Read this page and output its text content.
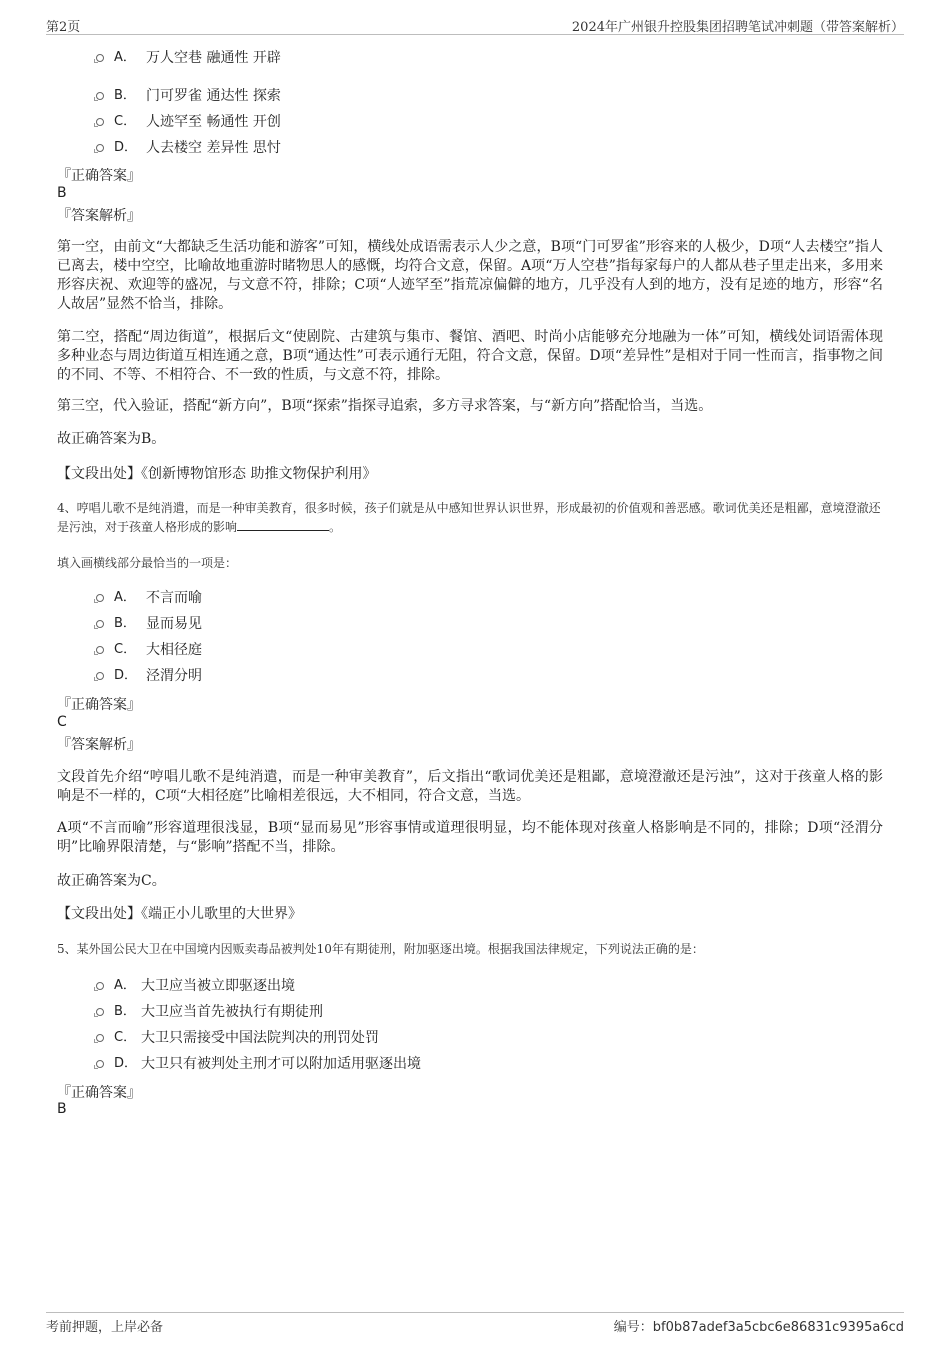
第2页	2024年广州银升控股集团招聘笔试冲刺题（带答案解析）
A． 万人空巷 融通性 开辟
B． 门可罗雀 通达性 探索
C． 人迹罕至 畅通性 开创
D． 人去楼空 差异性 思忖
『正确答案』
B
『答案解析』
第一空，由前文“大都缺乏生活功能和游客”可知，横线处成语需表示人少之意，B项“门可罗雀”形容来的人极少，D项“人去楼空”指人已离去，楼中空空，比喻故地重游时睹物思人的感慨，均符合文意，保留。A项“万人空巷”指每家每户的人都从巷子里走出来，多用来形容庆祝、欢迎等的盛况，与文意不符，排除；C项“人迹罕至”指荒凉偏僻的地方，几乎没有人到的地方，没有足迹的地方，形容“名人故居”显然不恰当，排除。
第二空，搭配“周边街道”，根据后文“使剧院、古建筑与集市、餐馆、酒吧、时尚小店能够充分地融为一体”可知，横线处词语需体现多种业态与周边街道互相连通之意，B项“通达性”可表示通行无阻，符合文意，保留。D项“差异性”是相对于同一性而言，指事物之间的不同、不等、不相符合、不一致的性质，与文意不符，排除。
第三空，代入验证，搭配“新方向”，B项“探索”指探寻追索，多方寻求答案，与“新方向”搭配恰当，当选。
故正确答案为B。
【文段出处】《创新博物馆形态 助推文物保护利用》
4、哼唱儿歌不是纯消遣，而是一种审美教育，很多时候，孩子们就是从中感知世界认识世界，形成最初的价值观和善恶感。歌词优美还是粗鄙，意境澄澈还是污浊，对于孩童人格形成的影响	。
填入画横线部分最恰当的一项是：
A． 不言而喻
B． 显而易见
C． 大相径庭
D． 泾渭分明
『正确答案』
C
『答案解析』
文段首先介绍“哼唱儿歌不是纯消遣，而是一种审美教育”，后文指出“歌词优美还是粗鄙，意境澄澈还是污浊”，这对于孩童人格的影响是不一样的，C项“大相径庭”比喻相差很远，大不相同，符合文意，当选。
A项“不言而喻”形容道理很浅显，B项“显而易见”形容事情或道理很明显，均不能体现对孩童人格影响是不同的，排除；D项“泾渭分明”比喻界限清楚，与“影响”搭配不当，排除。
故正确答案为C。
【文段出处】《端正小儿歌里的大世界》
5、某外国公民大卫在中国境内因贩卖毒品被判处10年有期徒刑，附加驱逐出境。根据我国法律规定，下列说法正确的是：
A． 大卫应当被立即驱逐出境
B． 大卫应当首先被执行有期徒刑
C． 大卫只需接受中国法院判决的刑罚处罚
D． 大卫只有被判处主刑才可以附加适用驱逐出境
『正确答案』
B
考前押题，上岸必备	编号：bf0b87adef3a5cbc6e86831c9395a6cd
